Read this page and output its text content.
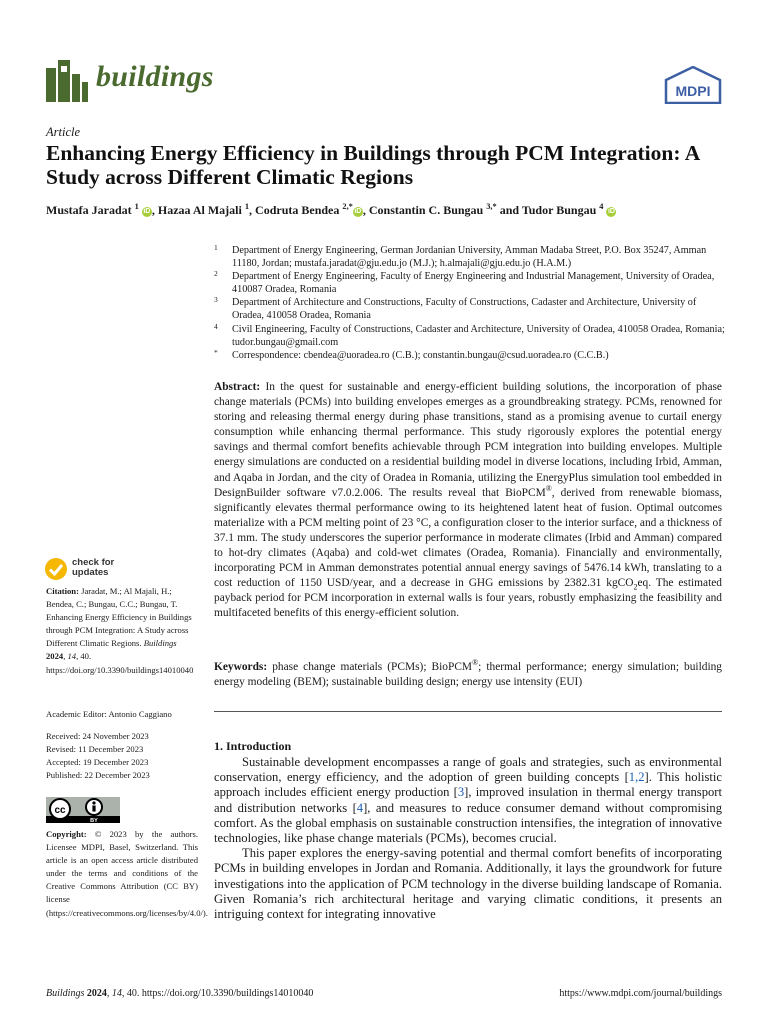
buildings	MDPI
Article
Enhancing Energy Efficiency in Buildings through PCM Integration: A Study across Different Climatic Regions
Mustafa Jaradat $^1$ iD , Hazaa Al Majali $^1$, Codruta Bendea $^{2,*}$iD , Constantin C. Bungau $^{3,*}$ and Tudor Bungau $^4$ iD
1 Department of Energy Engineering, German Jordanian University, Amman Madaba Street, P.O. Box 35247, Amman 11180, Jordan; mustafa.jaradat@gju.edu.jo (M.J.); h.almajali@gju.edu.jo (H.A.M.)
2 Department of Energy Engineering, Faculty of Energy Engineering and Industrial Management, University of Oradea, 410087 Oradea, Romania
3 Department of Architecture and Constructions, Faculty of Constructions, Cadaster and Architecture, University of Oradea, 410058 Oradea, Romania
4 Civil Engineering, Faculty of Constructions, Cadaster and Architecture, University of Oradea, 410058 Oradea, Romania; tudor.bungau@gmail.com
* Correspondence: cbendea@uoradea.ro (C.B.); constantin.bungau@csud.uoradea.ro (C.C.B.)
Abstract: In the quest for sustainable and energy-efficient building solutions, the incorporation of phase change materials (PCMs) into building envelopes emerges as a groundbreaking strategy. PCMs, renowned for storing and releasing thermal energy during phase transitions, stand as a promising avenue to curtail energy consumption while enhancing thermal performance. This study rigorously explores the potential energy savings and thermal comfort benefits achievable through PCM integration into building envelopes. Multiple energy simulations are conducted on a residential building model in diverse locations, including Irbid, Amman, and Aqaba in Jordan, and the city of Oradea in Romania, utilizing the EnergyPlus simulation tool embedded in DesignBuilder software v7.0.2.006. The results reveal that BioPCM®, derived from renewable biomass, significantly elevates thermal performance owing to its heightened latent heat of fusion. Optimal outcomes materialize with a PCM melting point of 23 °C, a configuration closer to the interior surface, and a thickness of 37.1 mm. The study underscores the superior performance in moderate climates (Irbid and Amman) compared to hot-dry climates (Aqaba) and cold-wet climates (Oradea, Romania). Financially and environmentally, incorporating PCM in Amman demonstrates potential annual energy savings of 5476.14 kWh, translating to a cost reduction of 1150 USD/year, and a decrease in GHG emissions by 2382.31 kgCO$_2$eq. The estimated payback period for PCM incorporation in external walls is four years, robustly emphasizing the feasibility and multifaceted benefits of this energy-efficient solution.
Keywords: phase change materials (PCMs); BioPCM®; thermal performance; energy simulation; building energy modeling (BEM); sustainable building design; energy use intensity (EUI)
1. Introduction

Sustainable development encompasses a range of goals and strategies, such as environmental conservation, energy efficiency, and the adoption of green building concepts [1,2]. This holistic approach includes efficient energy production [3], improved insulation in thermal energy transport and distribution networks [4], and measures to reduce consumer demand without compromising comfort. As the global emphasis on sustainable construction intensifies, the integration of innovative technologies, like phase change materials (PCMs), becomes crucial.

This paper explores the energy-saving potential and thermal comfort benefits of incorporating PCMs in building envelopes in Jordan and Romania. Additionally, it lays the groundwork for future investigations into the application of PCM technology in the diverse building landscape of Romania. Given Romania’s rich architectural heritage and varying climatic conditions, it presents an intriguing context for integrating innovative

check for
updates
Citation: Jaradat, M.; Al Majali, H.; Bendea, C.; Bungau, C.C.; Bungau, T. Enhancing Energy Efficiency in Buildings through PCM Integration: A Study across Different Climatic Regions. Buildings 2024, 14, 40. https://doi.org/10.3390/buildings14010040
Academic Editor: Antonio Caggiano
Received: 24 November 2023
Revised: 11 December 2023
Accepted: 19 December 2023
Published: 22 December 2023
cc
BY
Copyright: © 2023 by the authors. Licensee MDPI, Basel, Switzerland. This article is an open access article distributed under the terms and conditions of the Creative Commons Attribution (CC BY) license (https://creativecommons.org/licenses/by/4.0/).
Buildings 2024, 14, 40. https://doi.org/10.3390/buildings14010040	https://www.mdpi.com/journal/buildings
